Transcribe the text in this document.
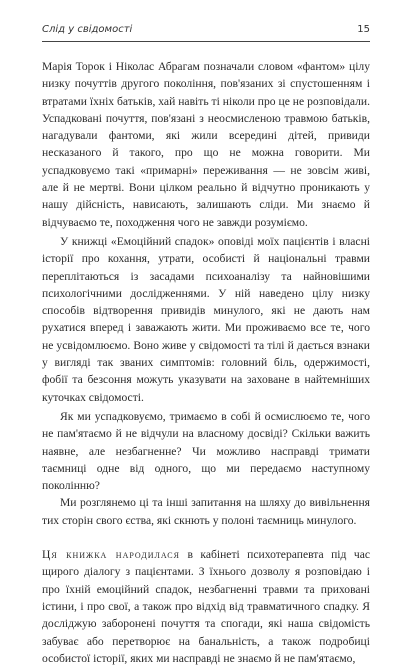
Слід у свідомості	15

Марія Торок і Ніколас Абрагам позначали словом «фантом» цілу низку почуттів другого покоління, пов'язаних зі спустошенням і втратами їхніх батьків, хай навіть ті ніколи про це не розповідали. Успадковані почуття, пов'язані з неосмисленою травмою батьків, нагадували фантоми, які жили всередині дітей, привиди несказаного й такого, про що не можна говорити. Ми успадковуємо такі «примарні» переживання — не зовсім живі, але й не мертві. Вони цілком реально й відчутно проникають у нашу дійсність, нависають, залишають сліди. Ми знаємо й відчуваємо те, походження чого не завжди розуміємо.

У книжці «Емоційний спадок» оповіді моїх пацієнтів і власні історії про кохання, утрати, особисті й національні травми переплітаються із засадами психоаналізу та найновішими психологічними дослідженнями. У ній наведено цілу низку способів відтворення привидів минулого, які не дають нам рухатися вперед і заважають жити. Ми проживаємо все те, чого не усвідомлюємо. Воно живе у свідомості та тілі й дається взнаки у вигляді так званих симптомів: головний біль, одержимості, фобії та безсоння можуть указувати на заховане в найтемніших куточках свідомості.

Як ми успадковуємо, тримаємо в собі й осмислюємо те, чого не пам'ятаємо й не відчули на власному досвіді? Скільки важить наявне, але незбагненне? Чи можливо насправді тримати таємниці одне від одного, що ми передаємо наступному поколінню?

Ми розглянемо ці та інші запитання на шляху до вивільнення тих сторін свого єства, які скнють у полоні таємниць минулого.

Ця книжка народилася в кабінеті психотерапевта під час щирого діалогу з пацієнтами. З їхнього дозволу я розповідаю і про їхній емоційний спадок, незбагненні травми та приховані істини, і про свої, а також про відхід від травматичного спадку. Я досліджую заборонені почуття та спогади, які наша свідомість забуває або перетворює на банальність, а також подробиці особистої історії, яких ми насправді не знаємо й не пам'ятаємо,
